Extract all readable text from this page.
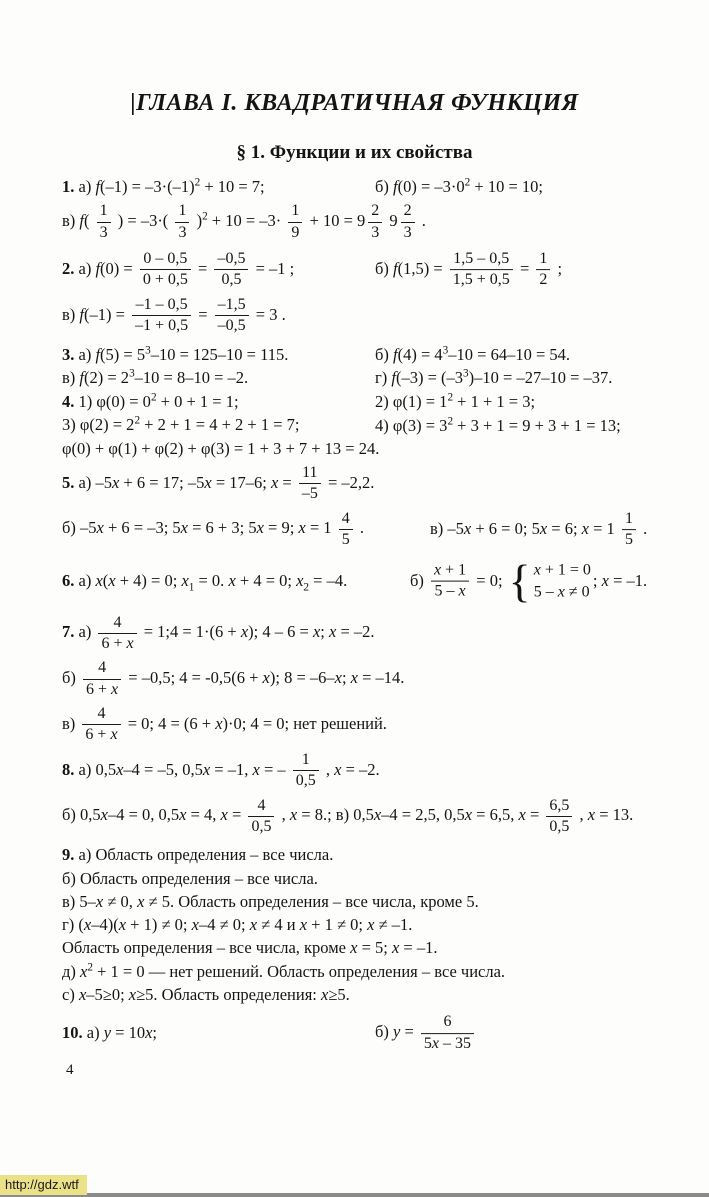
|ГЛАВА I. КВАДРАТИЧНАЯ ФУНКЦИЯ
§ 1. Функции и их свойства
1. а) $f(-1) = -3\cdot(-1)^2 + 10 = 7$;	б) $f(0) = -3\cdot 0^2 + 10 = 10$;
в) $f( \frac{1}{3}$ ) = $-3\cdot( \frac{1}{3} )^2 + 10 = -3\cdot \frac{1}{9} + 10 = 9 \frac{2}{3} 9 \frac{2}{3}$ .
2. а) $f(0) = \frac{0 - 0,5}{0 + 0,5} = \frac{-0,5}{0,5} = -1$ ;	б) $f(1,5) = \frac{1,5 - 0,5}{1,5 + 0,5} = \frac{1}{2}$ ;
в) $f(-1) = \frac{-1 - 0,5}{-1 + 0,5} = \frac{-1,5}{-0,5} = 3$ .
3. а) $f(5) = 5^3-10 = 125-10 = 115$.	б) $f(4) = 4^3-10 = 64-10 = 54$.
в) $f(2) = 2^3-10 = 8-10 = -2$.	г) $f(-3) = (-3^3)-10 = -27-10 = -37$.
4. 1) $\varphi(0) = 0^2 + 0 + 1 = 1$;	2) $\varphi(1) = 1^2 + 1 + 1 = 3$;
3) $\varphi(2) = 2^2 + 2 + 1 = 4 + 2 + 1 = 7$;	4) $\varphi(3) = 3^2 + 3 + 1 = 9 + 3 + 1 = 13$;
φ(0) + φ(1) + φ(2) + φ(3) = 1 + 3 + 7 + 13 = 24.
5. а) –5x + 6 = 17; –5x = 17–6; $x = \frac{11}{-5} = -2,2$.
б) –5x + 6 = –3; 5x = 6 + 3; 5x = 9; $x = 1 \frac{4}{5}$ .	в) –5x + 6 = 0; 5x = 6; $x = 1 \frac{1}{5}$ .
6. а) x(x + 4) = 0; $x_1 = 0$. x + 4 = 0; $x_2 = -4$.	$б) \frac{x + 1}{5 - x} = 0$; { x + 1 = 0
5 – x ≠ 0
; x = –1.
7. $а) \frac{4}{6 + x}$ = 1;4 = 1·(6 + x); 4 – 6 = x; x = –2.
$б) \frac{4}{6 + x} = -0,5$; 4 = -0,5(6 + x); 8 = –6–x; x = –14.
$в) \frac{4}{6 + x} = 0$; 4 = (6 + x)·0; 4 = 0; нет решений.
8. а) 0,5x–4 = –5, 0,5x = –1, x = – $\frac{1}{0,5}$ , x = –2.
б) 0,5x–4 = 0, 0,5x = 4, $x = \frac{4}{0,5}$ , x = 8.; в) 0,5x–4 = 2,5, 0,5x = 6,5, $x = \frac{6,5}{0,5}$ , x = 13.
9. а) Область определения – все числа.
б) Область определения – все числа.
в) 5–x ≠ 0, x ≠ 5. Область определения – все числа, кроме 5.
г) (x–4)(x + 1) ≠ 0; x–4 ≠ 0; x ≠ 4 и x + 1 ≠ 0; x ≠ –1.
Область определения – все числа, кроме x = 5; x = –1.
д) $x^2 + 1 = 0$ — нет решений. Область определения – все числа.
с) x–5≥0; x≥5. Область определения: x≥5.
10. а) y = 10x;	б) $y = \frac{6}{5x - 35}$
4
http://gdz.wtf
